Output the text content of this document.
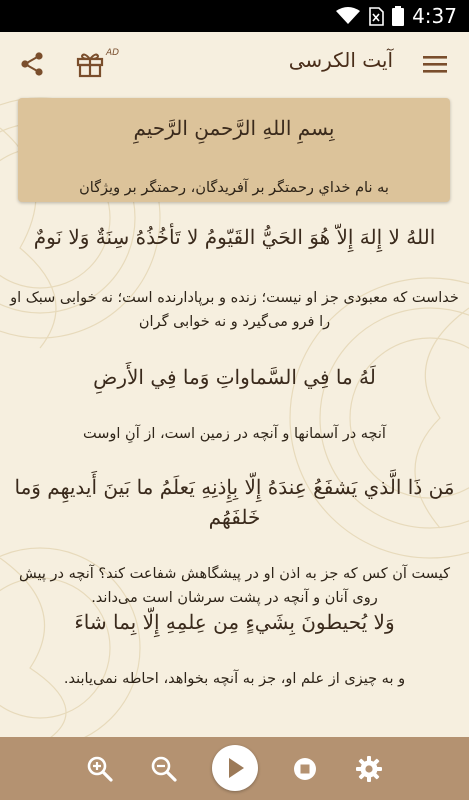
4:37
AD	آیت الکرسی
بِسمِ اللهِ الرَّحمنِ الرَّحيمِ
به نام خداي رحمتگر بر آفريدگان، رحمتگر بر ويژگان
اللهُ لا إِلهَ إِلاّ هُوَ الحَيُّ القَيّومُ لا تَأخُذُهُ سِنَةٌ وَلا نَومٌ
خداست که معبودی جز او نیست؛ زنده و برپادارنده است؛ نه خوابی سبک او را فرو می‌گیرد و نه خوابی گران
لَهُ ما فِي السَّماواتِ وَما فِي الأَرضِ
آنچه در آسمانها و آنچه در زمین است، از آنِ اوست
مَن ذَا الَّذي يَشفَعُ عِندَهُ إِلّا بِإِذنِهِ يَعلَمُ ما بَينَ أَيديهِم وَما خَلفَهُم
کیست آن کس که جز به اذن او در پیشگاهش شفاعت کند؟ آنچه در پیش روی آنان و آنچه در پشت سرشان است می‌داند.
وَلا يُحيطونَ بِشَيءٍ مِن عِلمِهِ إِلّا بِما شاءَ
و به چیزی از علم او، جز به آنچه بخواهد، احاطه نمی‌یابند.
